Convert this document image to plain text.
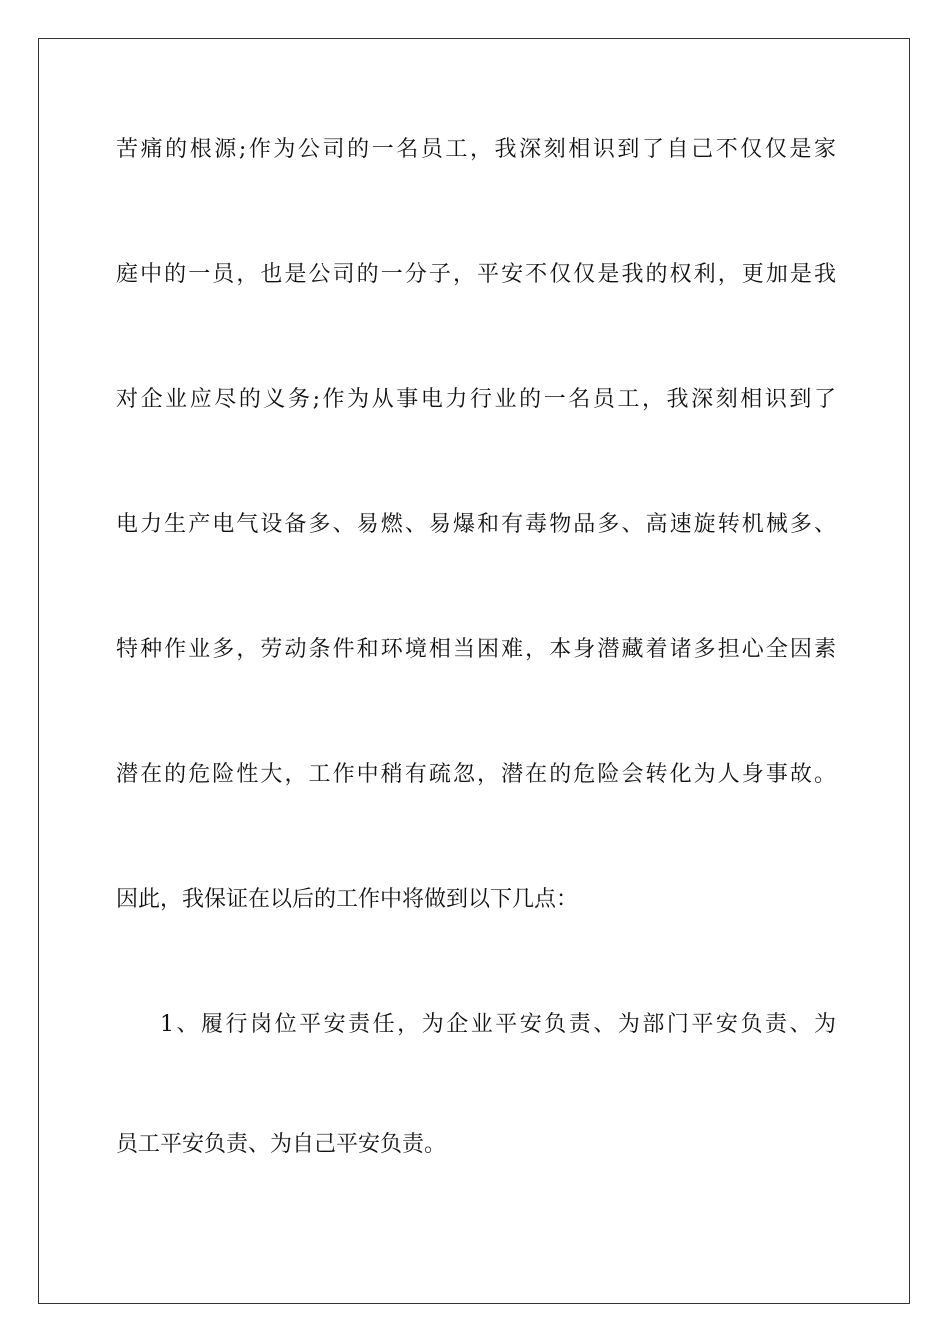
苦痛的根源;作为公司的一名员工，我深刻相识到了自己不仅仅是家
庭中的一员，也是公司的一分子，平安不仅仅是我的权利，更加是我
对企业应尽的义务;作为从事电力行业的一名员工，我深刻相识到了
电力生产电气设备多、易燃、易爆和有毒物品多、高速旋转机械多、
特种作业多，劳动条件和环境相当困难，本身潜藏着诸多担心全因素
潜在的危险性大，工作中稍有疏忽，潜在的危险会转化为人身事故。
因此，我保证在以后的工作中将做到以下几点：
1、履行岗位平安责任，为企业平安负责、为部门平安负责、为
员工平安负责、为自己平安负责。
